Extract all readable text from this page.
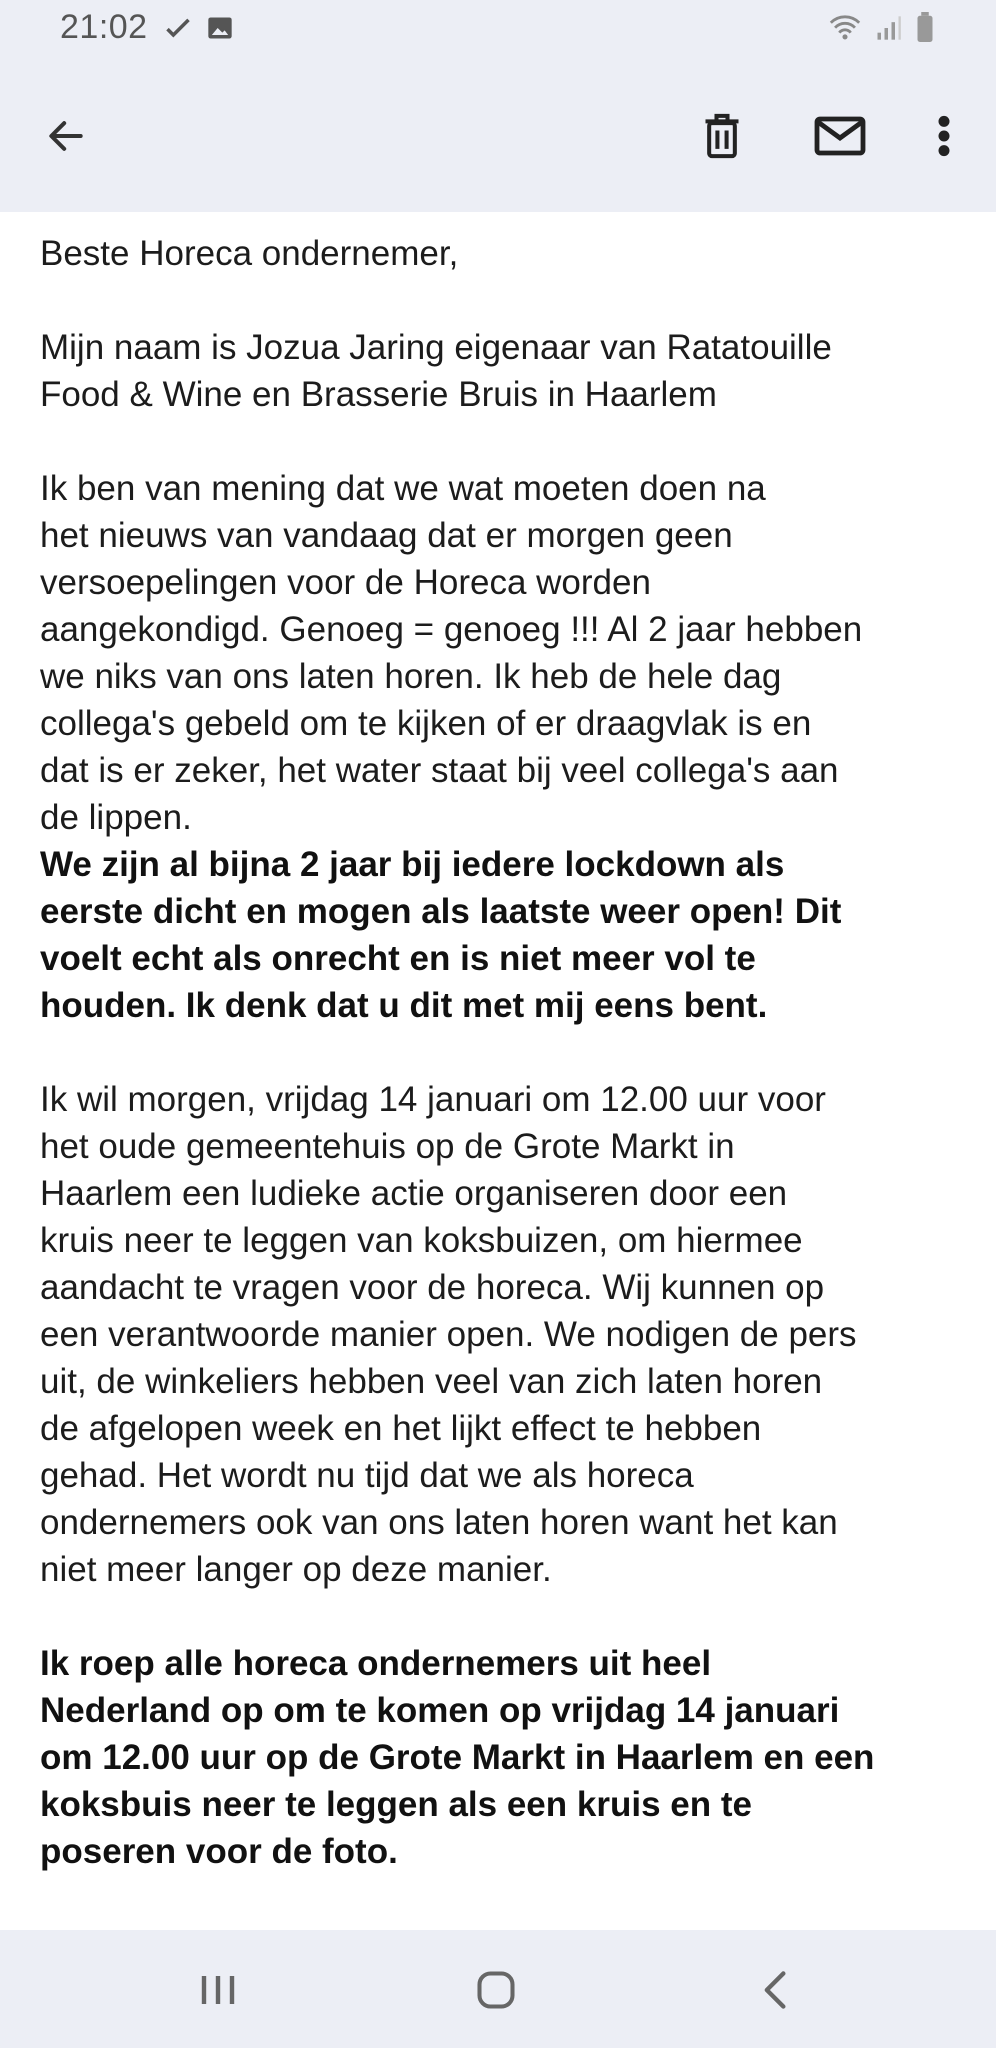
21:02

Beste Horeca ondernemer,

Mijn naam is Jozua Jaring eigenaar van Ratatouille
Food & Wine en Brasserie Bruis in Haarlem

Ik ben van mening dat we wat moeten doen na
het nieuws van vandaag dat er morgen geen
versoepelingen voor de Horeca worden
aangekondigd. Genoeg = genoeg !!! Al 2 jaar hebben
we niks van ons laten horen. Ik heb de hele dag
collega's gebeld om te kijken of er draagvlak is en
dat is er zeker, het water staat bij veel collega's aan
de lippen.

We zijn al bijna 2 jaar bij iedere lockdown als
eerste dicht en mogen als laatste weer open! Dit
voelt echt als onrecht en is niet meer vol te
houden. Ik denk dat u dit met mij eens bent.

Ik wil morgen, vrijdag 14 januari om 12.00 uur voor
het oude gemeentehuis op de Grote Markt in
Haarlem een ludieke actie organiseren door een
kruis neer te leggen van koksbuizen, om hiermee
aandacht te vragen voor de horeca. Wij kunnen op
een verantwoorde manier open. We nodigen de pers
uit, de winkeliers hebben veel van zich laten horen
de afgelopen week en het lijkt effect te hebben
gehad. Het wordt nu tijd dat we als horeca
ondernemers ook van ons laten horen want het kan
niet meer langer op deze manier.

Ik roep alle horeca ondernemers uit heel
Nederland op om te komen op vrijdag 14 januari
om 12.00 uur op de Grote Markt in Haarlem en een
koksbuis neer te leggen als een kruis en te
poseren voor de foto.
